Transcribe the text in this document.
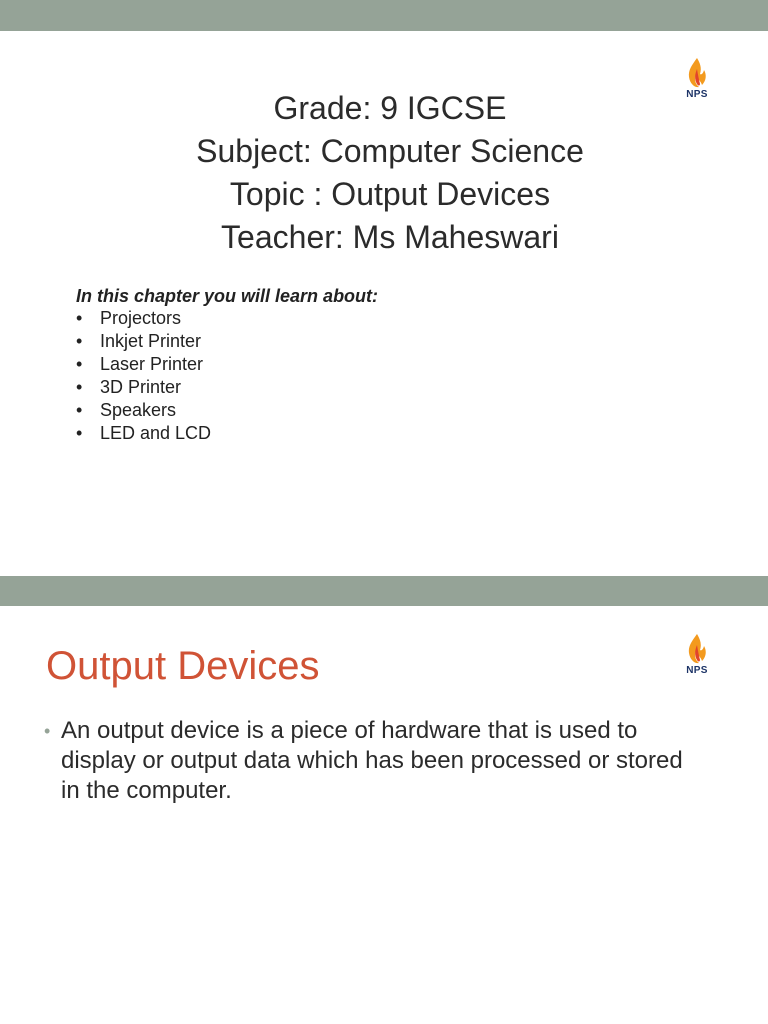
NPS
Grade: 9 IGCSE
Subject: Computer Science
Topic : Output Devices
Teacher: Ms Maheswari
In this chapter you will learn about:
• Projectors
• Inkjet Printer
• Laser Printer
• 3D Printer
• Speakers
• LED and LCD
NPS
Output Devices
• An output device is a piece of hardware that is used to display or output data which has been processed or stored in the computer.
